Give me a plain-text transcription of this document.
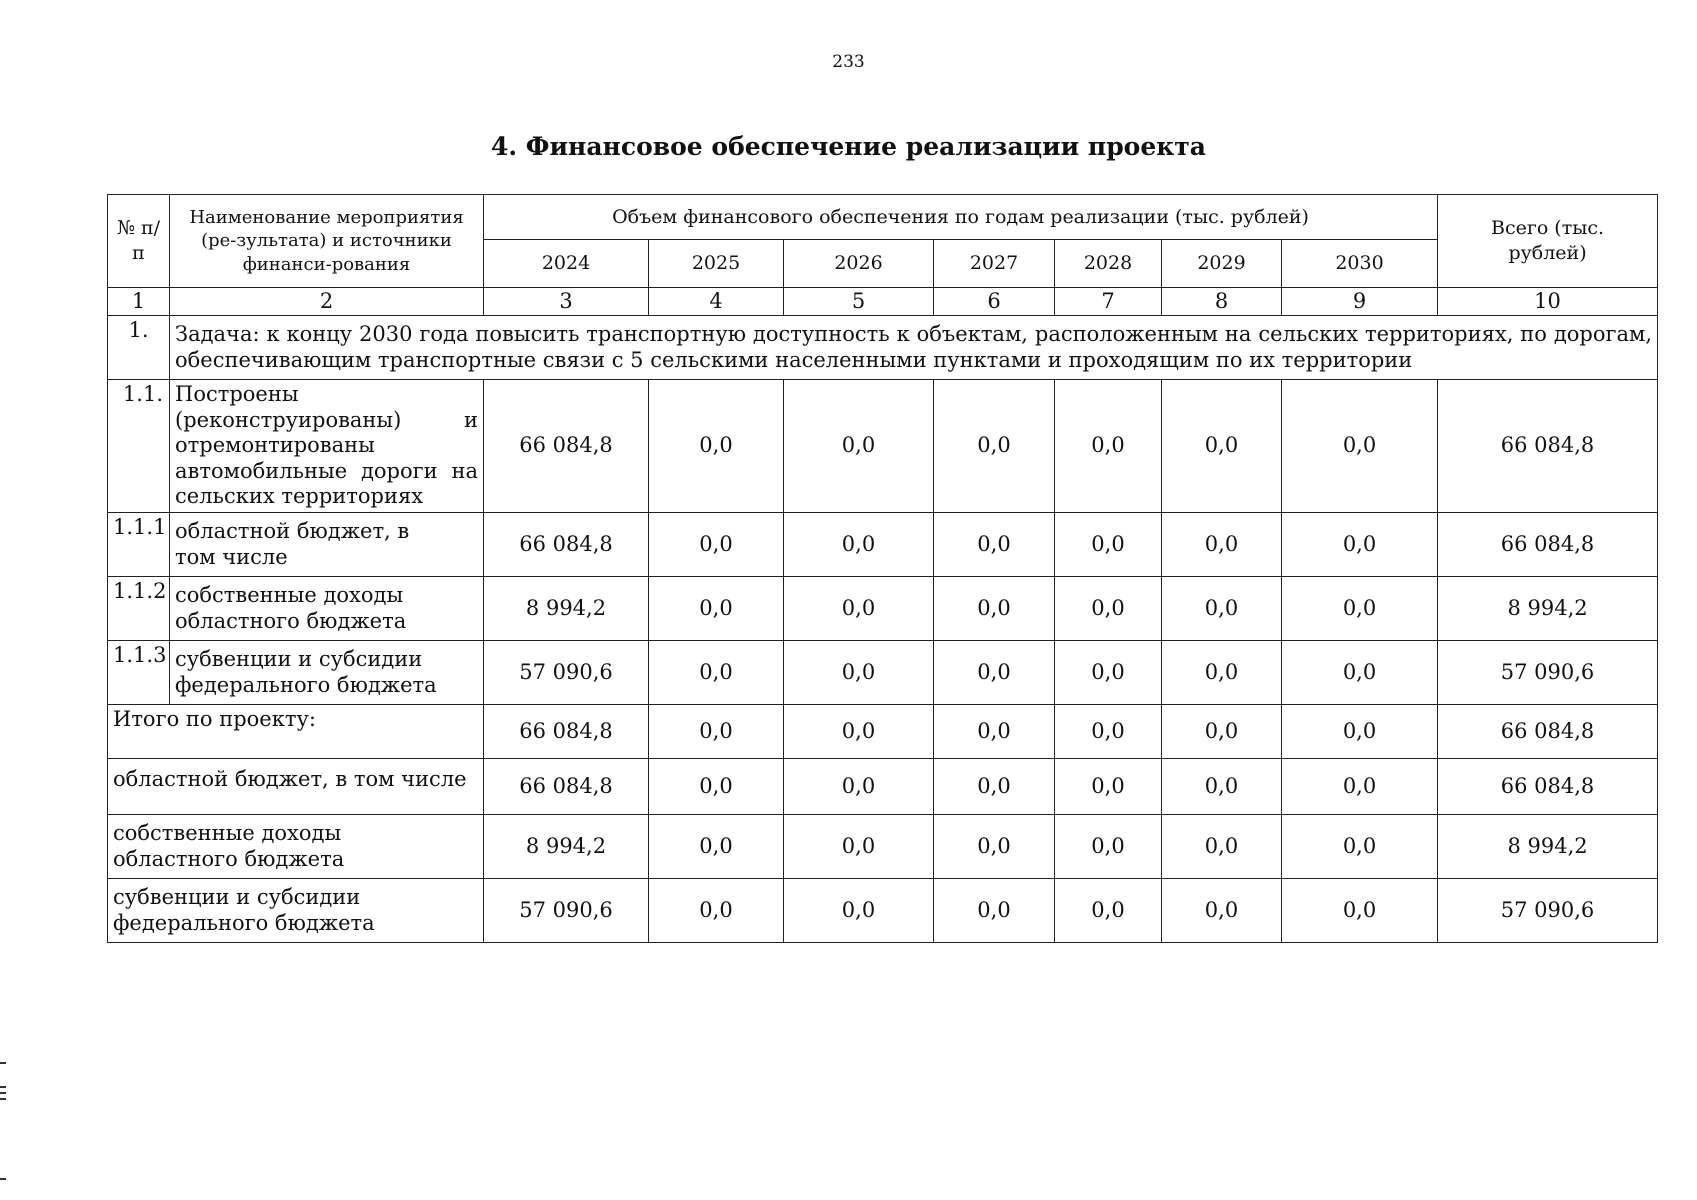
233
4. Финансовое обеспечение реализации проекта
№ п/п	Наименование мероприятия (ре-зультата) и источники финанси-рования	Объем финансового обеспечения по годам реализации (тыс. рублей)							Всего (тыс. рублей)
		2024	2025	2026	2027	2028	2029	2030	
1	2	3	4	5	6	7	8	9	10
1.	Задача: к концу 2030 года повысить транспортную доступность к объектам, расположенным на сельских территориях, по дорогам, обеспечивающим транспортные связи с 5 сельскими населенными пунктами и проходящим по их территории								
1.1.	Построены (реконструированы) и отремонтированы автомобильные дороги на сельских территориях	66 084,8	0,0	0,0	0,0	0,0	0,0	0,0	66 084,8
1.1.1	областной бюджет, в том числе	66 084,8	0,0	0,0	0,0	0,0	0,0	0,0	66 084,8
1.1.2	собственные доходы областного бюджета	8 994,2	0,0	0,0	0,0	0,0	0,0	0,0	8 994,2
1.1.3	субвенции и субсидии федерального бюджета	57 090,6	0,0	0,0	0,0	0,0	0,0	0,0	57 090,6
Итого по проекту:		66 084,8	0,0	0,0	0,0	0,0	0,0	0,0	66 084,8
областной бюджет, в том числе		66 084,8	0,0	0,0	0,0	0,0	0,0	0,0	66 084,8
собственные доходы областного бюджета		8 994,2	0,0	0,0	0,0	0,0	0,0	0,0	8 994,2
субвенции и субсидии федерального бюджета		57 090,6	0,0	0,0	0,0	0,0	0,0	0,0	57 090,6
